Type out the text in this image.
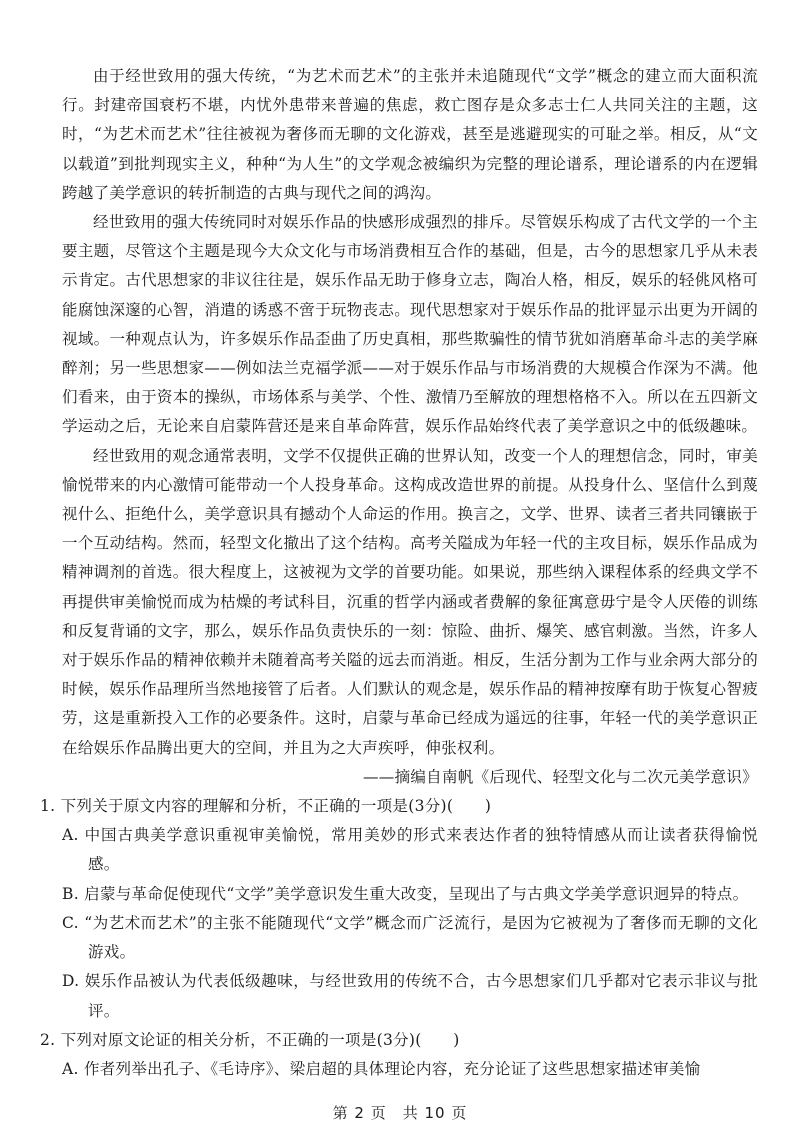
由于经世致用的强大传统，“为艺术而艺术”的主张并未追随现代“文学”概念的建立而大面积流行。封建帝国衰朽不堪，内忧外患带来普遍的焦虑，救亡图存是众多志士仁人共同关注的主题，这时，“为艺术而艺术”往往被视为奢侈而无聊的文化游戏，甚至是逃避现实的可耻之举。相反，从“文以载道”到批判现实主义，种种“为人生”的文学观念被编织为完整的理论谱系，理论谱系的内在逻辑跨越了美学意识的转折制造的古典与现代之间的鸿沟。

经世致用的强大传统同时对娱乐作品的快感形成强烈的排斥。尽管娱乐构成了古代文学的一个主要主题，尽管这个主题是现今大众文化与市场消费相互合作的基础，但是，古今的思想家几乎从未表示肯定。古代思想家的非议往往是，娱乐作品无助于修身立志，陶冶人格，相反，娱乐的轻佻风格可能腐蚀深邃的心智，消遣的诱惑不啻于玩物丧志。现代思想家对于娱乐作品的批评显示出更为开阔的视域。一种观点认为，许多娱乐作品歪曲了历史真相，那些欺骗性的情节犹如消磨革命斗志的美学麻醉剂；另一些思想家——例如法兰克福学派——对于娱乐作品与市场消费的大规模合作深为不满。他们看来，由于资本的操纵，市场体系与美学、个性、激情乃至解放的理想格格不入。所以在五四新文学运动之后，无论来自启蒙阵营还是来自革命阵营，娱乐作品始终代表了美学意识之中的低级趣味。

经世致用的观念通常表明，文学不仅提供正确的世界认知，改变一个人的理想信念，同时，审美愉悦带来的内心激情可能带动一个人投身革命。这构成改造世界的前提。从投身什么、坚信什么到蔑视什么、拒绝什么，美学意识具有撼动个人命运的作用。换言之，文学、世界、读者三者共同镶嵌于一个互动结构。然而，轻型文化撤出了这个结构。高考关隘成为年轻一代的主攻目标，娱乐作品成为精神调剂的首选。很大程度上，这被视为文学的首要功能。如果说，那些纳入课程体系的经典文学不再提供审美愉悦而成为枯燥的考试科目，沉重的哲学内涵或者费解的象征寓意毋宁是令人厌倦的训练和反复背诵的文字，那么，娱乐作品负责快乐的一刻：惊险、曲折、爆笑、感官刺激。当然，许多人对于娱乐作品的精神依赖并未随着高考关隘的远去而消逝。相反，生活分割为工作与业余两大部分的时候，娱乐作品理所当然地接管了后者。人们默认的观念是，娱乐作品的精神按摩有助于恢复心智疲劳，这是重新投入工作的必要条件。这时，启蒙与革命已经成为遥远的往事，年轻一代的美学意识正在给娱乐作品腾出更大的空间，并且为之大声疾呼，伸张权利。

——摘编自南帆《后现代、轻型文化与二次元美学意识》

1. 下列关于原文内容的理解和分析，不正确的一项是(3分)(　　)

A. 中国古典美学意识重视审美愉悦，常用美妙的形式来表达作者的独特情感从而让读者获得愉悦感。

B. 启蒙与革命促使现代“文学”美学意识发生重大改变，呈现出了与古典文学美学意识迥异的特点。

C. “为艺术而艺术”的主张不能随现代“文学”概念而广泛流行，是因为它被视为了奢侈而无聊的文化游戏。

D. 娱乐作品被认为代表低级趣味，与经世致用的传统不合，古今思想家们几乎都对它表示非议与批评。

2. 下列对原文论证的相关分析，不正确的一项是(3分)(　　)

A. 作者列举出孔子、《毛诗序》、梁启超的具体理论内容，充分论证了这些思想家描述审美愉

第 2 页　共 10 页
